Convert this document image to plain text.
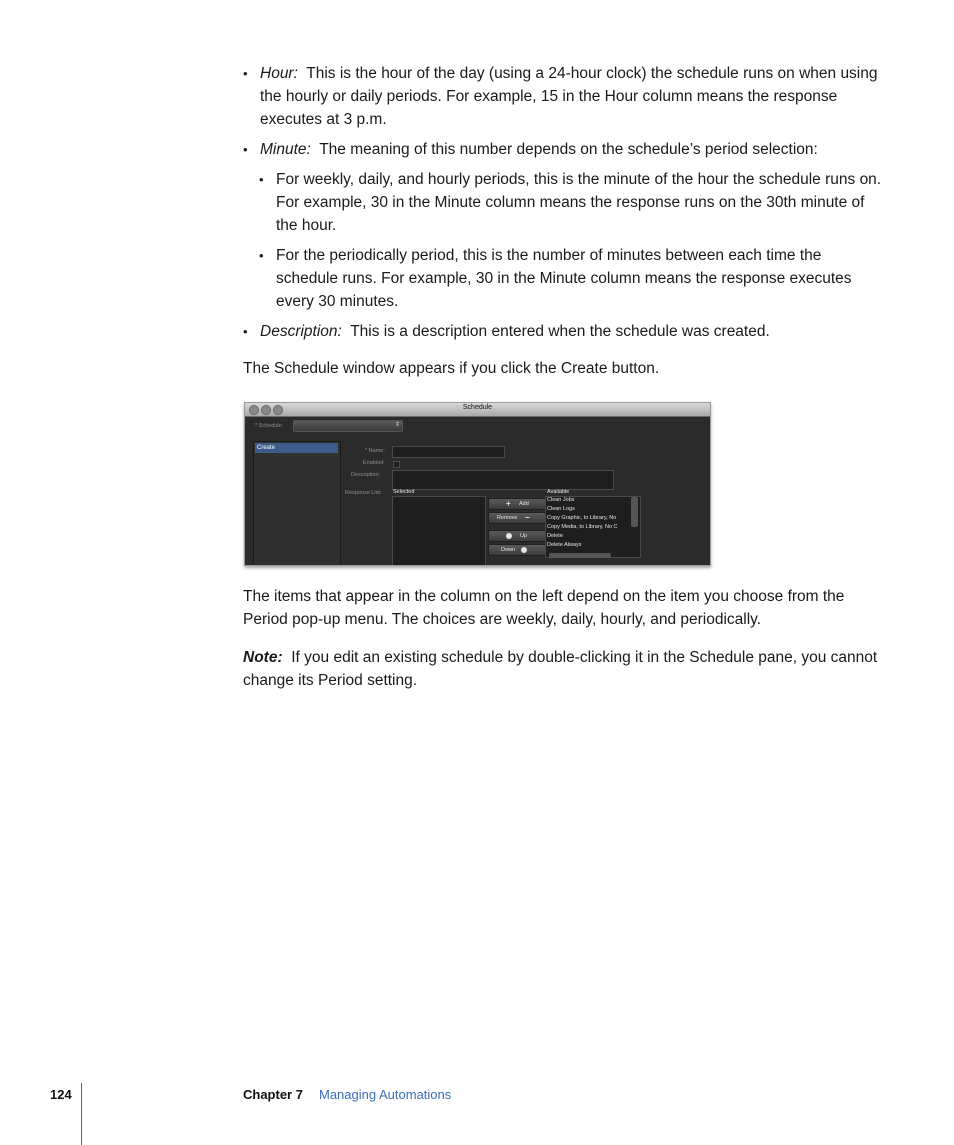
• Hour: This is the hour of the day (using a 24-hour clock) the schedule runs on when using the hourly or daily periods. For example, 15 in the Hour column means the response executes at 3 p.m.
• Minute: The meaning of this number depends on the schedule’s period selection:
• For weekly, daily, and hourly periods, this is the minute of the hour the schedule runs on. For example, 30 in the Minute column means the response runs on the 30th minute of the hour.
• For the periodically period, this is the number of minutes between each time the schedule runs. For example, 30 in the Minute column means the response executes every 30 minutes.
• Description: This is a description entered when the schedule was created.
The Schedule window appears if you click the Create button.
Schedule
* Schedule:	⇕
Create	* Name:
Enabled:
Description:
Response List: Selected
+ Add
Remove −
Up
Down
Available
Clean Jobs
Clean Logs
Copy Graphic, to Library, No
Copy Media, to Library, No C
Delete
Delete Always
The items that appear in the column on the left depend on the item you choose from the Period pop-up menu. The choices are weekly, daily, hourly, and periodically.
Note: If you edit an existing schedule by double-clicking it in the Schedule pane, you cannot change its Period setting.
124	Chapter 7 Managing Automations
